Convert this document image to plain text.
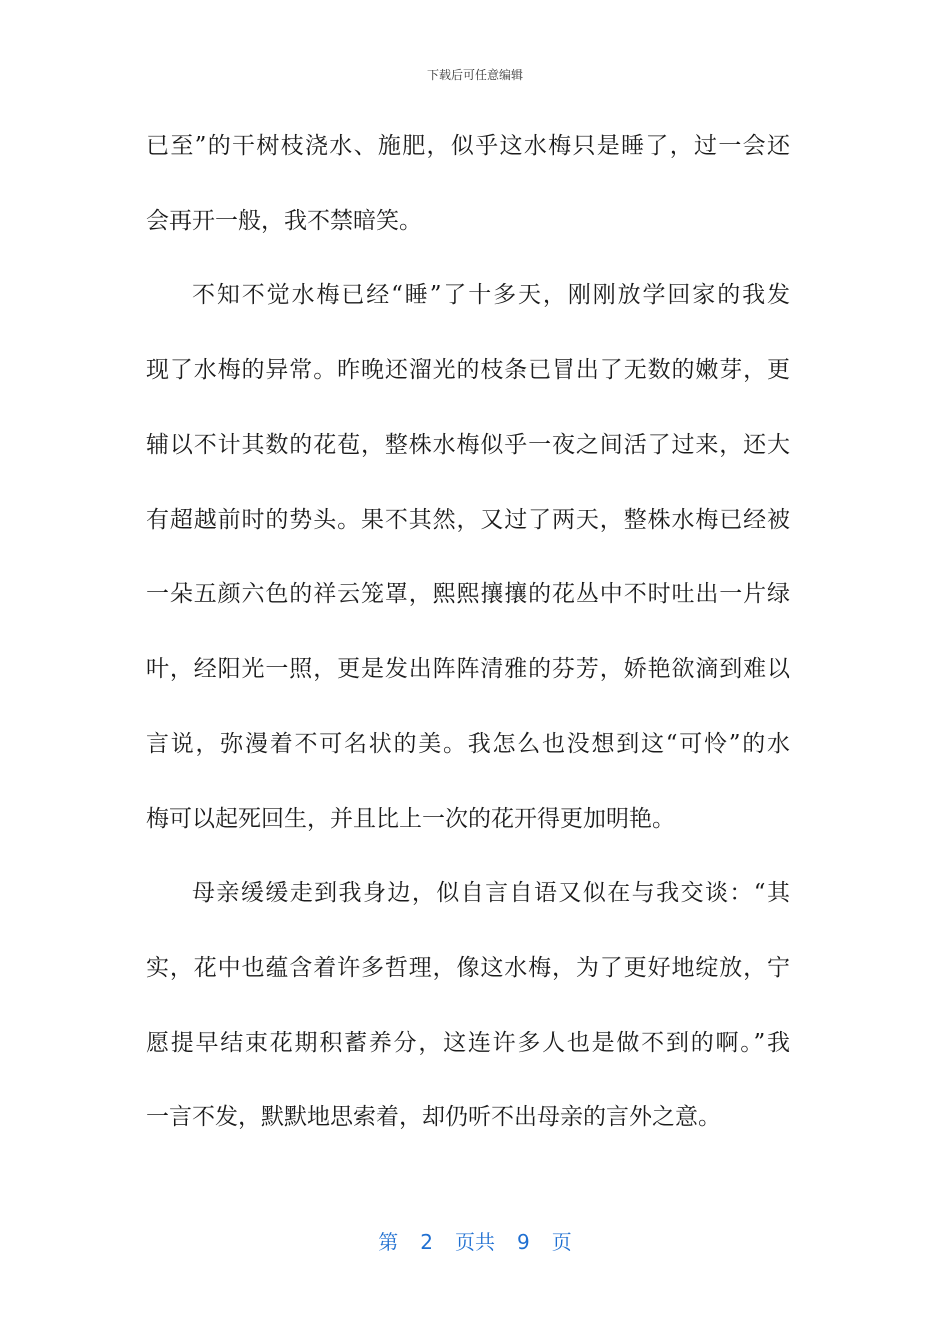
下载后可任意编辑
已至”的干树枝浇水、施肥，似乎这水梅只是睡了，过一会还
会再开一般，我不禁暗笑。
不知不觉水梅已经“睡”了十多天，刚刚放学回家的我发
现了水梅的异常。昨晚还溜光的枝条已冒出了无数的嫩芽，更
辅以不计其数的花苞，整株水梅似乎一夜之间活了过来，还大
有超越前时的势头。果不其然，又过了两天，整株水梅已经被
一朵五颜六色的祥云笼罩，熙熙攘攘的花丛中不时吐出一片绿
叶，经阳光一照，更是发出阵阵清雅的芬芳，娇艳欲滴到难以
言说，弥漫着不可名状的美。我怎么也没想到这“可怜”的水
梅可以起死回生，并且比上一次的花开得更加明艳。
母亲缓缓走到我身边，似自言自语又似在与我交谈：“其
实，花中也蕴含着许多哲理，像这水梅，为了更好地绽放，宁
愿提早结束花期积蓄养分，这连许多人也是做不到的啊。”我
一言不发，默默地思索着，却仍听不出母亲的言外之意。
第 2 页共 9 页
